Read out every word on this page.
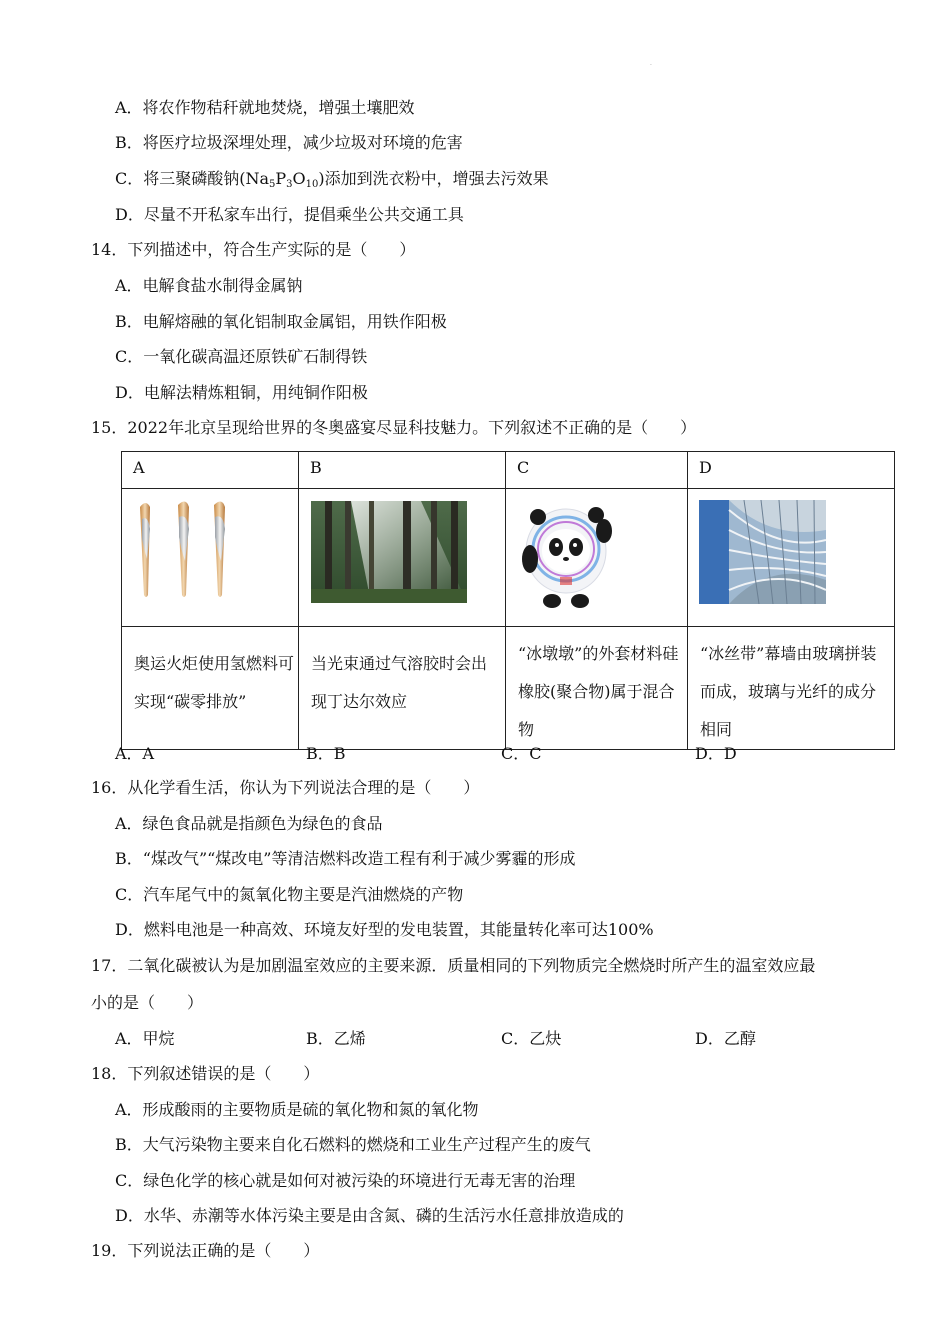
·
A．将农作物秸秆就地焚烧，增强土壤肥效
B．将医疗垃圾深埋处理，减少垃圾对环境的危害
C．将三聚磷酸钠$(Na_5P_3O_{10})$添加到洗衣粉中，增强去污效果
D．尽量不开私家车出行，提倡乘坐公共交通工具
14．下列描述中，符合生产实际的是（　　）
A．电解食盐水制得金属钠
B．电解熔融的氧化铝制取金属铝，用铁作阳极
C．一氧化碳高温还原铁矿石制得铁
D．电解法精炼粗铜，用纯铜作阳极
15．2022年北京呈现给世界的冬奥盛宴尽显科技魅力。下列叙述不正确的是（　　）
A	B	C	D

奥运火炬使用氢燃料可实现“碳零排放”	当光束通过气溶胶时会出现丁达尔效应	“冰墩墩”的外套材料硅橡胶(聚合物)属于混合物	“冰丝带”幕墙由玻璃拼装而成，玻璃与光纤的成分相同
A．A	B．B	C．C	D．D
16．从化学看生活，你认为下列说法合理的是（　　）
A．绿色食品就是指颜色为绿色的食品
B．“煤改气”“煤改电”等清洁燃料改造工程有利于减少雾霾的形成
C．汽车尾气中的氮氧化物主要是汽油燃烧的产物
D．燃料电池是一种高效、环境友好型的发电装置，其能量转化率可达100%
17．二氧化碳被认为是加剧温室效应的主要来源．质量相同的下列物质完全燃烧时所产生的温室效应最
小的是（　　）
A．甲烷	B．乙烯	C．乙炔	D．乙醇
18．下列叙述错误的是（　　）
A．形成酸雨的主要物质是硫的氧化物和氮的氧化物
B．大气污染物主要来自化石燃料的燃烧和工业生产过程产生的废气
C．绿色化学的核心就是如何对被污染的环境进行无毒无害的治理
D．水华、赤潮等水体污染主要是由含氮、磷的生活污水任意排放造成的
19．下列说法正确的是（　　）
